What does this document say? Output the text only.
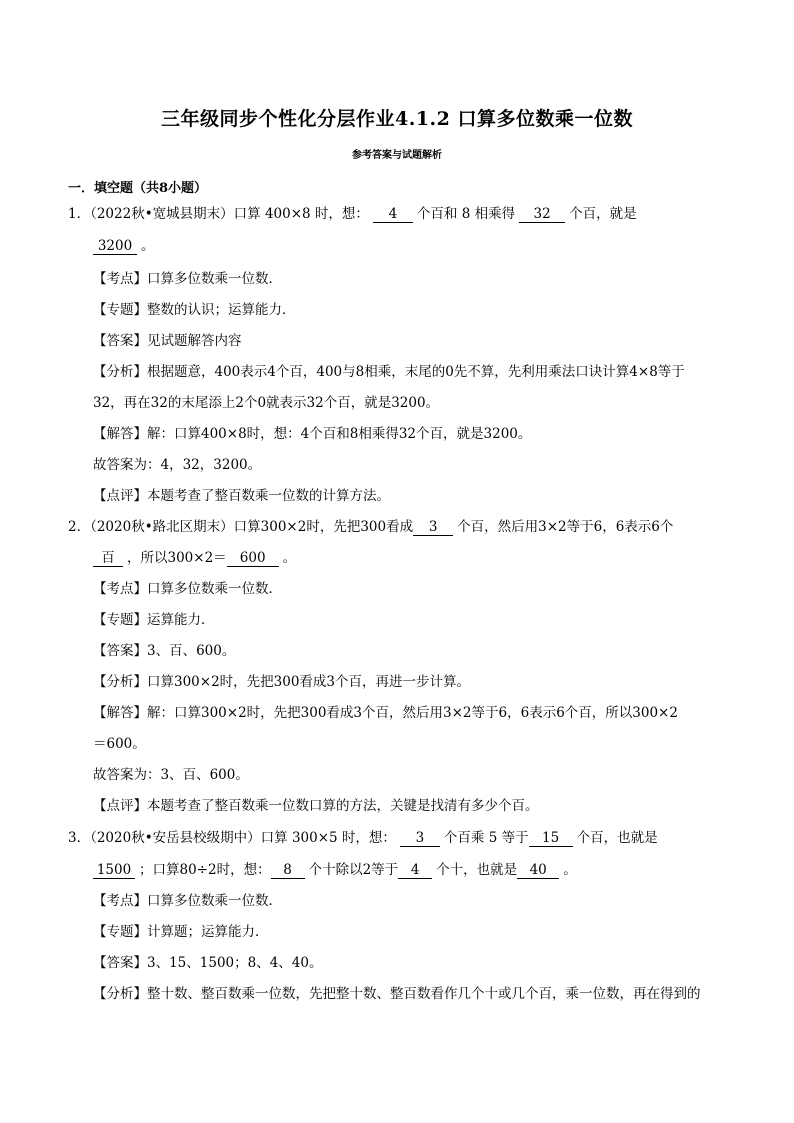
三年级同步个性化分层作业4.1.2 口算多位数乘一位数
参考答案与试题解析
一．填空题（共8小题）
1．（2022秋•宽城县期末）口算 400×8 时，想： 4 个百和 8 相乘得 32 个百，就是
3200 。
【考点】口算多位数乘一位数．
【专题】整数的认识；运算能力．
【答案】见试题解答内容
【分析】根据题意，400表示4个百，400与8相乘，末尾的0先不算，先利用乘法口诀计算4×8等于
32，再在32的末尾添上2个0就表示32个百，就是3200。
【解答】解：口算400×8时，想：4个百和8相乘得32个百，就是3200。
故答案为：4，32，3200。
【点评】本题考查了整百数乘一位数的计算方法。
2．（2020秋•路北区期末）口算300×2时，先把300看成 3 个百，然后用3×2等于6，6表示6个
百 ，所以300×2＝ 600 。
【考点】口算多位数乘一位数．
【专题】运算能力．
【答案】3、百、600。
【分析】口算300×2时，先把300看成3个百，再进一步计算。
【解答】解：口算300×2时，先把300看成3个百，然后用3×2等于6，6表示6个百，所以300×2
＝600。
故答案为：3、百、600。
【点评】本题考查了整百数乘一位数口算的方法，关键是找清有多少个百。
3．（2020秋•安岳县校级期中）口算 300×5 时，想： 3 个百乘 5 等于 15 个百，也就是
1500 ；口算80÷2时，想： 8 个十除以2等于 4 个十，也就是 40 。
【考点】口算多位数乘一位数．
【专题】计算题；运算能力．
【答案】3、15、1500；8、4、40。
【分析】整十数、整百数乘一位数，先把整十数、整百数看作几个十或几个百，乘一位数，再在得到的
